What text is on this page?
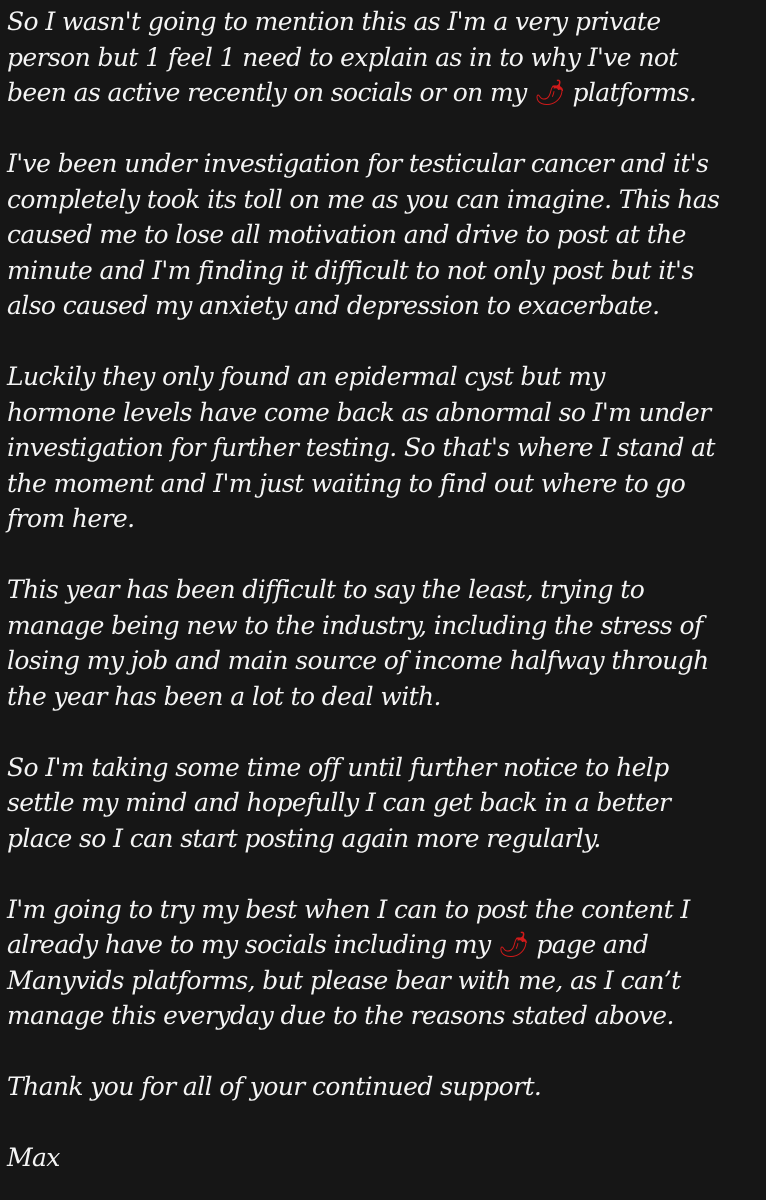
So I wasn't going to mention this as I'm a very private
person but 1 feel 1 need to explain as in to why I've not
been as active recently on socials or on my 🌶 platforms.

I've been under investigation for testicular cancer and it's
completely took its toll on me as you can imagine. This has
caused me to lose all motivation and drive to post at the
minute and I'm finding it difficult to not only post but it's
also caused my anxiety and depression to exacerbate.

Luckily they only found an epidermal cyst but my
hormone levels have come back as abnormal so I'm under
investigation for further testing. So that's where I stand at
the moment and I'm just waiting to find out where to go
from here.

This year has been difficult to say the least, trying to
manage being new to the industry, including the stress of
losing my job and main source of income halfway through
the year has been a lot to deal with.

So I'm taking some time off until further notice to help
settle my mind and hopefully I can get back in a better
place so I can start posting again more regularly.

I'm going to try my best when I can to post the content I
already have to my socials including my 🌶 page and
Manyvids platforms, but please bear with me, as I can’t
manage this everyday due to the reasons stated above.

Thank you for all of your continued support.

Max
